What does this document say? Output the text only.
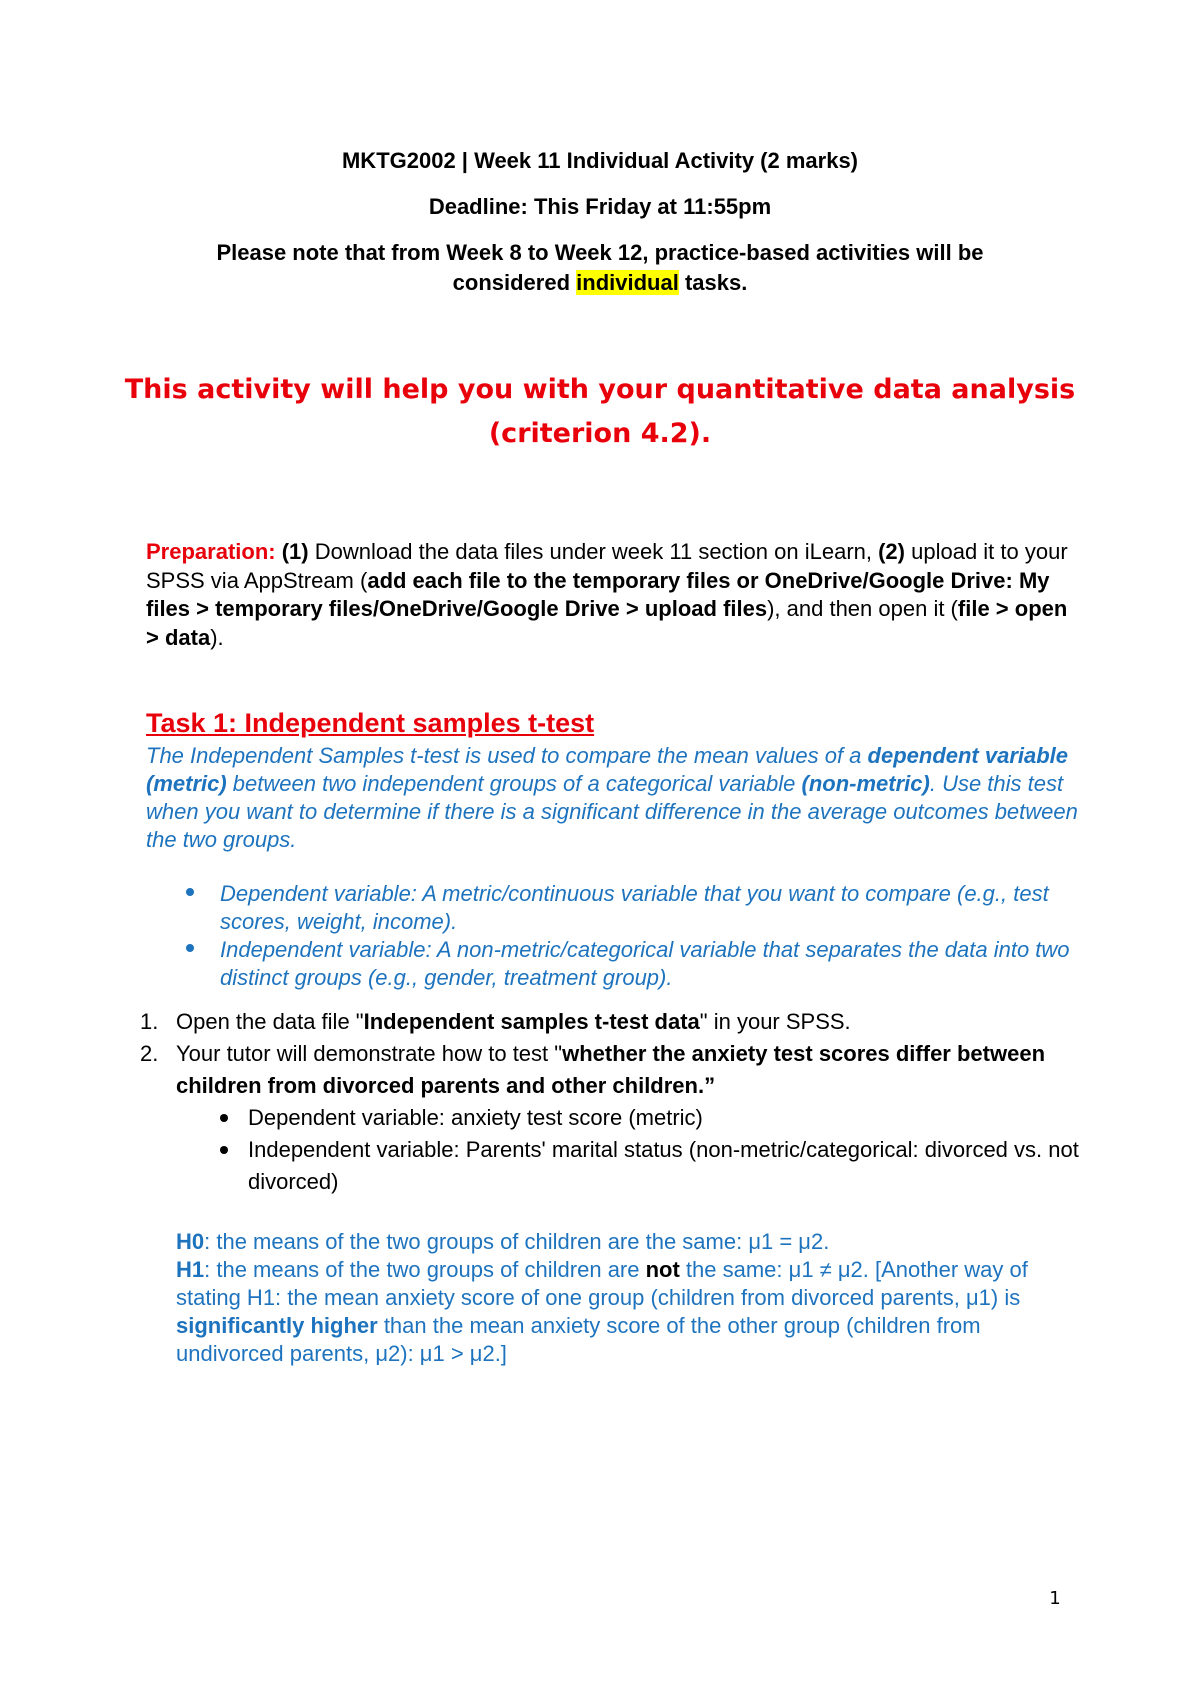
MKTG2002 | Week 11 Individual Activity (2 marks)
Deadline: This Friday at 11:55pm
Please note that from Week 8 to Week 12, practice-based activities will be
considered individual tasks.
This activity will help you with your quantitative data analysis
(criterion 4.2).
Preparation: (1) Download the data files under week 11 section on iLearn, (2) upload it to your SPSS via AppStream (add each file to the temporary files or OneDrive/Google Drive: My files > temporary files/OneDrive/Google Drive > upload files), and then open it (file > open > data).
Task 1: Independent samples t-test
The Independent Samples t-test is used to compare the mean values of a dependent variable (metric) between two independent groups of a categorical variable (non-metric). Use this test when you want to determine if there is a significant difference in the average outcomes between the two groups.
Dependent variable: A metric/continuous variable that you want to compare (e.g., test scores, weight, income).
Independent variable: A non-metric/categorical variable that separates the data into two distinct groups (e.g., gender, treatment group).
1. Open the data file "Independent samples t-test data" in your SPSS.
2. Your tutor will demonstrate how to test "whether the anxiety test scores differ between children from divorced parents and other children.”
Dependent variable: anxiety test score (metric)
Independent variable: Parents' marital status (non-metric/categorical: divorced vs. not divorced)
H0: the means of the two groups of children are the same: μ1 = μ2.
H1: the means of the two groups of children are not the same: μ1 ≠ μ2. [Another way of stating H1: the mean anxiety score of one group (children from divorced parents, μ1) is significantly higher than the mean anxiety score of the other group (children from undivorced parents, μ2): μ1 > μ2.]
1
